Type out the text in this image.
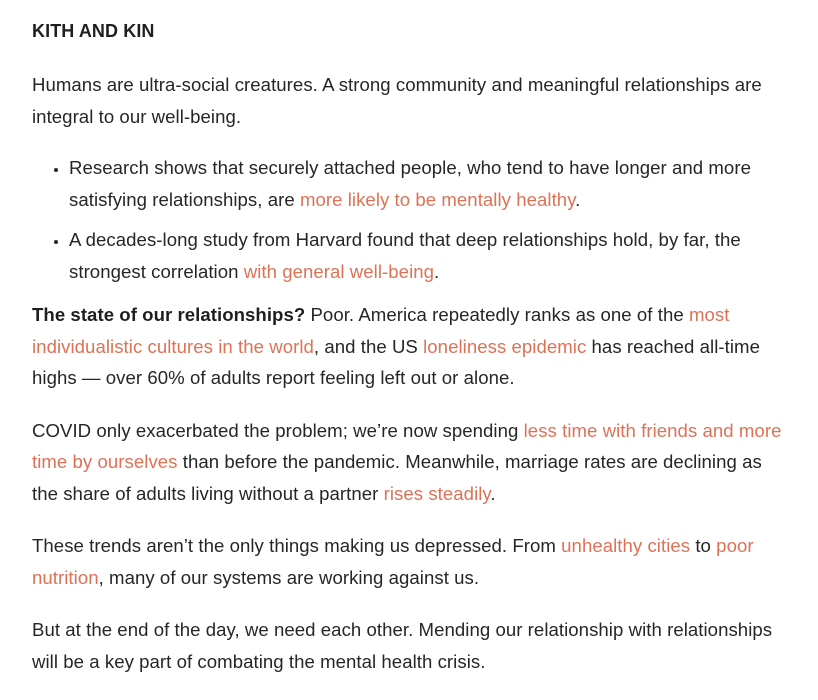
KITH AND KIN

Humans are ultra-social creatures. A strong community and meaningful relationships are integral to our well-being.

• Research shows that securely attached people, who tend to have longer and more satisfying relationships, are more likely to be mentally healthy.
• A decades-long study from Harvard found that deep relationships hold, by far, the strongest correlation with general well-being.

The state of our relationships? Poor. America repeatedly ranks as one of the most individualistic cultures in the world, and the US loneliness epidemic has reached all-time highs — over 60% of adults report feeling left out or alone.

COVID only exacerbated the problem; we’re now spending less time with friends and more time by ourselves than before the pandemic. Meanwhile, marriage rates are declining as the share of adults living without a partner rises steadily.

These trends aren’t the only things making us depressed. From unhealthy cities to poor nutrition, many of our systems are working against us.

But at the end of the day, we need each other. Mending our relationship with relationships will be a key part of combating the mental health crisis.
